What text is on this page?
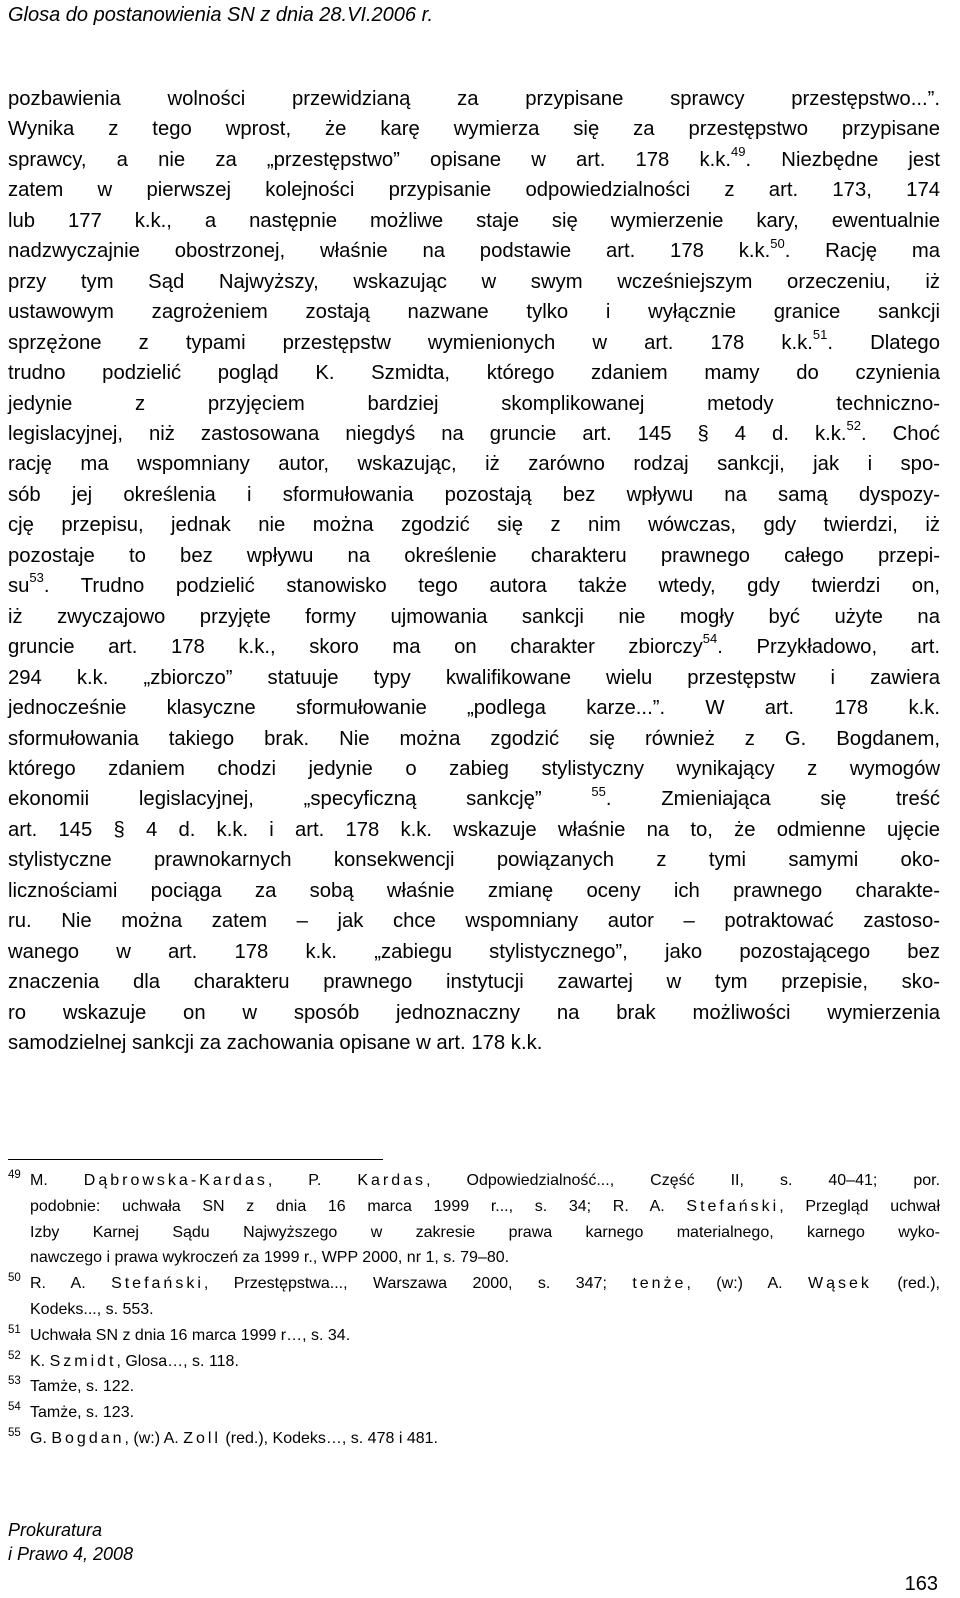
Glosa do postanowienia SN z dnia 28.VI.2006 r.
pozbawienia wolności przewidzianą za przypisane sprawcy przestępstwo...”.
Wynika z tego wprost, że karę wymierza się za przestępstwo przypisane
sprawcy, a nie za „przestępstwo” opisane w art. 178 k.k.$^{49}$. Niezbędne jest
zatem w pierwszej kolejności przypisanie odpowiedzialności z art. 173, 174
lub 177 k.k., a następnie możliwe staje się wymierzenie kary, ewentualnie
nadzwyczajnie obostrzonej, właśnie na podstawie art. 178 k.k.$^{50}$. Rację ma
przy tym Sąd Najwyższy, wskazując w swym wcześniejszym orzeczeniu, iż
ustawowym zagrożeniem zostają nazwane tylko i wyłącznie granice sankcji
sprzężone z typami przestępstw wymienionych w art. 178 k.k.$^{51}$. Dlatego
trudno podzielić pogląd K. Szmidta, którego zdaniem mamy do czynienia
jedynie z przyjęciem bardziej skomplikowanej metody techniczno-
legislacyjnej, niż zastosowana niegdyś na gruncie art. 145 § 4 d. k.k.$^{52}$. Choć
rację ma wspomniany autor, wskazując, iż zarówno rodzaj sankcji, jak i spo-
sób jej określenia i sformułowania pozostają bez wpływu na samą dyspozy-
cję przepisu, jednak nie można zgodzić się z nim wówczas, gdy twierdzi, iż
pozostaje to bez wpływu na określenie charakteru prawnego całego przepi-
$su^{53}$. Trudno podzielić stanowisko tego autora także wtedy, gdy twierdzi on,
iż zwyczajowo przyjęte formy ujmowania sankcji nie mogły być użyte na
gruncie art. 178 k.k., skoro ma on charakter zbiorczy$^{54}$. Przykładowo, art.
294 k.k. „zbiorczo” statuuje typy kwalifikowane wielu przestępstw i zawiera
jednocześnie klasyczne sformułowanie „podlega karze...”. W art. 178 k.k.
sformułowania takiego brak. Nie można zgodzić się również z G. Bogdanem,
którego zdaniem chodzi jedynie o zabieg stylistyczny wynikający z wymogów
ekonomii legislacyjnej, „specyficzną sankcję”	$^{55}$. Zmieniająca się treść
art. 145 § 4 d. k.k. i art. 178 k.k. wskazuje właśnie na to, że odmienne ujęcie
stylistyczne prawnokarnych konsekwencji powiązanych z tymi samymi oko-
licznościami pociąga za sobą właśnie zmianę oceny ich prawnego charakte-
ru. Nie można zatem – jak chce wspomniany autor – potraktować zastoso-
wanego w art. 178 k.k. „zabiegu stylistycznego”, jako pozostającego bez
znaczenia dla charakteru prawnego instytucji zawartej w tym przepisie, sko-
ro wskazuje on w sposób jednoznaczny na brak możliwości wymierzenia
samodzielnej sankcji za zachowania opisane w art. 178 k.k.
49 M. Dąbrowska-Kardas, P. Kardas, Odpowiedzialność..., Część II, s. 40–41; por.
podobnie: uchwała SN z dnia 16 marca 1999 r..., s. 34; R. A. Stefański, Przegląd uchwał
Izby Karnej Sądu Najwyższego w zakresie prawa karnego materialnego, karnego wyko-
nawczego i prawa wykroczeń za 1999 r., WPP 2000, nr 1, s. 79–80.
50 R. A. Stefański, Przestępstwa..., Warszawa 2000, s. 347; tenże, (w:) A. Wąsek (red.),
Kodeks..., s. 553.
51 Uchwała SN z dnia 16 marca 1999 r…, s. 34.
52 K. Szmidt, Glosa…, s. 118.
53 Tamże, s. 122.
54 Tamże, s. 123.
55 G. Bogdan, (w:) A. Zoll (red.), Kodeks…, s. 478 i 481.
Prokuratura
i Prawo 4, 2008
163
